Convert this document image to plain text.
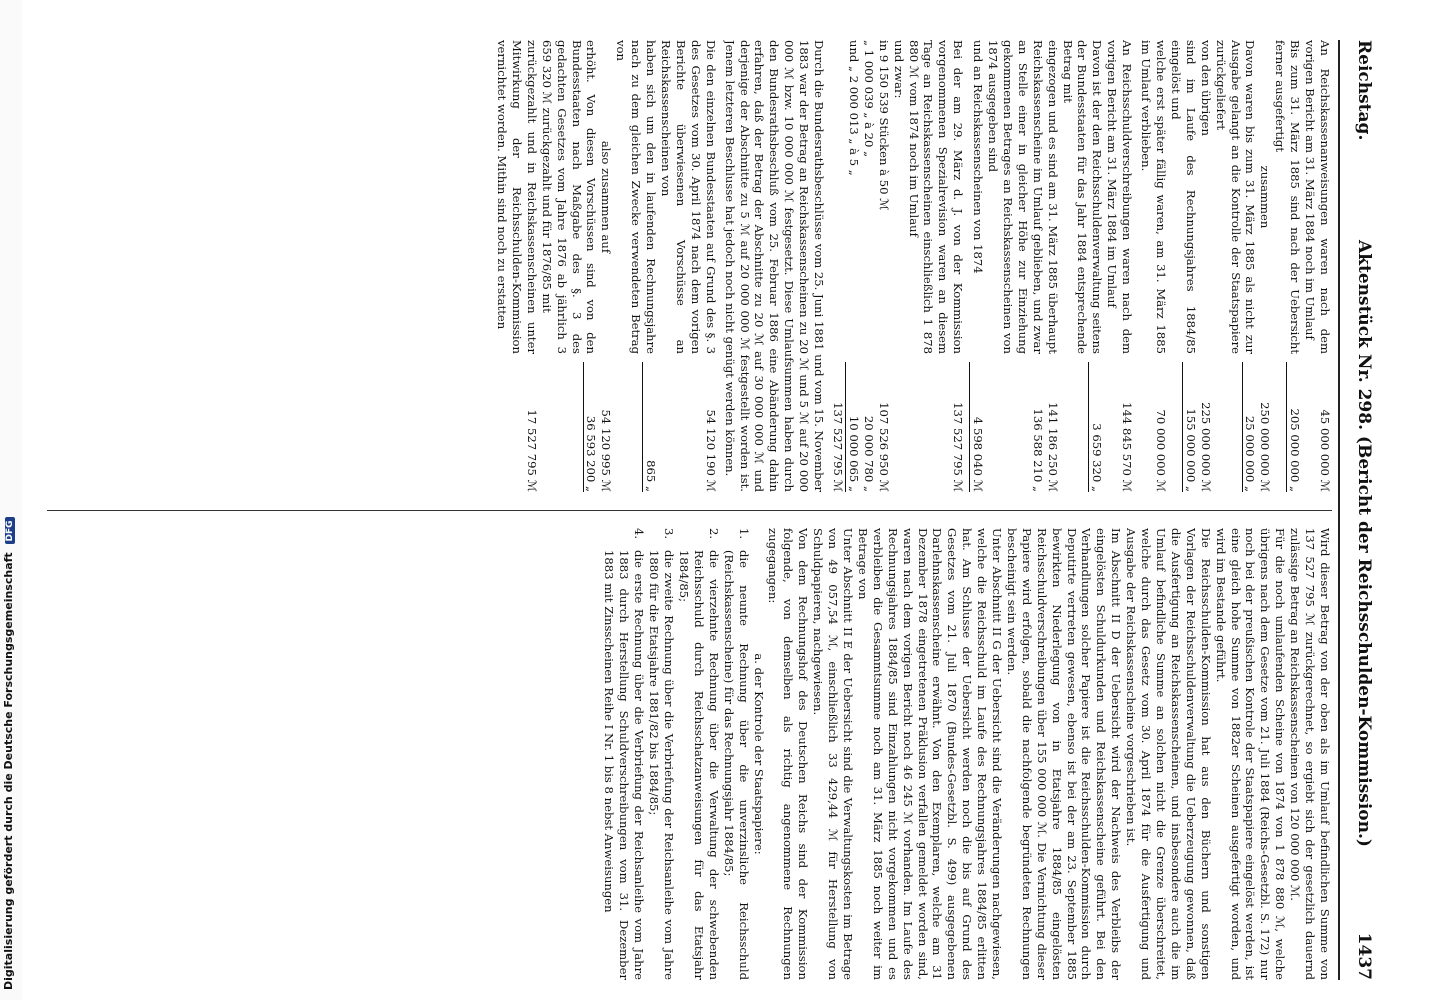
Digitalisierung gefördert durch die Deutsche Forschungsgemeinschaft DFG
Reichstag.
Aktenstück Nr. 298. (Bericht der Reichsschulden-Kommission.)
1437
An Reichskassenanweisungen waren nach dem vorigen Bericht am 31. März 1884 noch im Umlauf
45 000 000 ℳ
Bis zum 31. März 1885 sind nach der Uebersicht ferner ausgefertigt
205 000 000 „
zusammen
250 000 000 ℳ
Davon waren bis zum 31. März 1885 als nicht zur Ausgabe gelangt an die Kontrolle der Staatspapiere zurückgeliefert
25 000 000 „
von den übrigen
225 000 000 ℳ
sind im Laufe des Rechnungsjahres 1884/85 eingelöst und
155 000 000 „
welche erst später fällig waren, am 31. März 1885 im Umlauf verblieben.
70 000 000 ℳ
An Reichsschuldverschreibungen waren nach dem vorigen Bericht am 31. März 1884 im Umlauf
144 845 570 ℳ
Davon ist der den Reichsschuldenverwaltung seitens der Bundesstaaten für das Jahr 1884 entsprechende Betrag mit
3 659 320 „
eingezogen und es sind am 31. März 1885 überhaupt
141 186 250 ℳ
Reichskassenscheine im Umlauf geblieben, und zwar an Stelle einer in gleicher Höhe zur Einziehung gekommenen Betrages an Reichskassenscheinen von 1874 ausgegeben sind
136 588 210 „
und an Reichskassenscheinen von 1874
4 598 040 ℳ
Bei der am 29. März d. J. von der Kommission vorgenommenen Spezialrevision waren an diesem Tage an Reichskassenscheinen einschließlich 1 878 880 ℳ vom 1874 noch im Umlauf
137 527 795 ℳ

und zwar:

in 9 150 539 Stücken à 50 ℳ
107 526 950 ℳ
„ 1 000 039 „ à 20 „
20 000 780 „
und „ 2 000 013 „ à 5 „
10 000 065 „
137 527 795 ℳ

Durch die Bundesrathsbeschlüsse vom 25. Juni 1881 und vom 15. November 1883 war der Betrag an Reichskassenscheinen zu 20 ℳ und 5 ℳ auf 20 000 000 ℳ bzw. 10 000 000 ℳ festgesetzt. Diese Umlaufsummen haben durch den Bundesrathsbeschluß vom 25. Februar 1886 eine Abänderung dahin erfahren, daß der Betrag der Abschnitte zu 20 ℳ auf 30 000 000 ℳ und derjenige der Abschnitte zu 5 ℳ auf 20 000 000 ℳ festgestellt worden ist. Jenem letzteren Beschlusse hat jedoch noch nicht genügt werden können.

Die den einzelnen Bundesstaaten auf Grund des §. 3 des Gesetzes vom 30. April 1874 nach dem vorigen Berichte überwiesenen Vorschüsse an Reichskassenscheinen von
54 120 190 ℳ
haben sich um den in laufenden Rechnungsjahre nach zu dem gleichen Zwecke verwendeten Betrag von
865 „
also zusammen auf
54 120 995 ℳ
erhöht. Von diesen Vorschüssen sind von den Bundesstaaten nach Maßgabe des §. 3 des gedachten Gesetzes vom Jahre 1876 ab jährlich 3 659 320 ℳ zurückgezahlt und für 1876/85 mit
36 593 200 „
zurückgezahlt und in Reichskassenscheinen unter Mitwirkung der Reichsschulden-Kommission vernichtet worden. Mithin sind noch zu erstatten
17 527 795 ℳ

Wird dieser Betrag von der oben als im Umlauf befindlichen Summe von 137 527 795 ℳ zurückgerechnet, so ergiebt sich der gesetzlich dauernd zulässige Betrag an Reichskassenscheinen von 120 000 000 ℳ.

Für die noch umlaufenden Scheine von 1874 von 1 878 880 ℳ, welche übrigens nach dem Gesetze vom 21. Juli 1884 (Reichs-Gesetzbl. S. 172) nur noch bei der preußischen Kontrole der Staatspapiere eingelöst werden, ist eine gleich hohe Summe von 1882er Scheinen ausgefertigt worden, und wird im Bestande geführt.

Die Reichsschulden-Kommission hat aus den Büchern und sonstigen Vorlagen der Reichsschuldenverwaltung die Ueberzeugung gewonnen, daß die Ausfertigung an Reichskassenscheinen, und insbesondere auch die im Umlauf befindliche Summe an solchen nicht die Grenze überschreitet, welche durch das Gesetz vom 30. April 1874 für die Ausfertigung und Ausgabe der Reichskassenscheine vorgeschrieben ist.

Im Abschnitt II D der Uebersicht wird der Nachweis des Verbleibs der eingelösten Schuldurkunden und Reichskassenscheine geführt. Bei den Verhandlungen solcher Papiere ist die Reichsschulden-Kommission durch Deputirte vertreten gewesen, ebenso ist bei der am 23. September 1885 bewirkten Niederlegung von in Etatsjahre 1884/85 eingelösten Reichsschuldverschreibungen über 155 000 000 ℳ. Die Vernichtung dieser Papiere wird erfolgen, sobald die nachfolgende begründeten Rechnungen bescheinigt sein werden.

Unter Abschnitt II G der Uebersicht sind die Veränderungen nachgewiesen, welche die Reichsschuld im Laufe des Rechnungsjahres 1884/85 erlitten hat. Am Schlusse der Uebersicht werden noch die bis auf Grund des Gesetzes vom 21. Juli 1870 (Bundes-Gesetzbl. S. 499) ausgegebenen Darlehnskassenscheine erwähnt. Von den Exemplaren, welche am 31 Dezember 1878 eingetretenen Präklusion verfallen gemeldet worden sind, waren nach dem vorigen Bericht noch 46 245 ℳ vorhanden. Im Laufe des Rechnungsjahres 1884/85 sind Einzahlungen nicht vorgekommen und es verbleiben die Gesammtsumme noch am 31. März 1885 noch weiter im Betrage von

Unter Abschnitt II E der Uebersicht sind die Verwaltungskosten im Betrage von 49 057,54 ℳ, einschließlich 33 429,44 ℳ für Herstellung von Schuldpapieren, nachgewiesen.

Von dem Rechnungshof des Deutschen Reichs sind der Kommission folgende, von demselben als richtig angenommene Rechnungen zugegangen:

a. der Kontrole der Staatspapiere:

1.
die neunte Rechnung über die unverzinsliche Reichsschuld (Reichskassenscheine) für das Rechnungsjahr 1884/85;
2.
die vierzehnte Rechnung über die Verwaltung der schwebenden Reichsschuld durch Reichsschatzanweisungen für das Etatsjahr 1884/85;
3.
die zweite Rechnung über die Verbriefung der Reichsanleihe vom Jahre 1880 für die Etatsjahre 1881/82 bis 1884/85;
4.
die erste Rechnung über die Verbriefung der Reichsanleihe vom Jahre 1883 durch Herstellung Schuldverschreibungen vom 31. Dezember 1883 mit Zinsscheinen Reihe I Nr. 1 bis 8 nebst Anweisungen
